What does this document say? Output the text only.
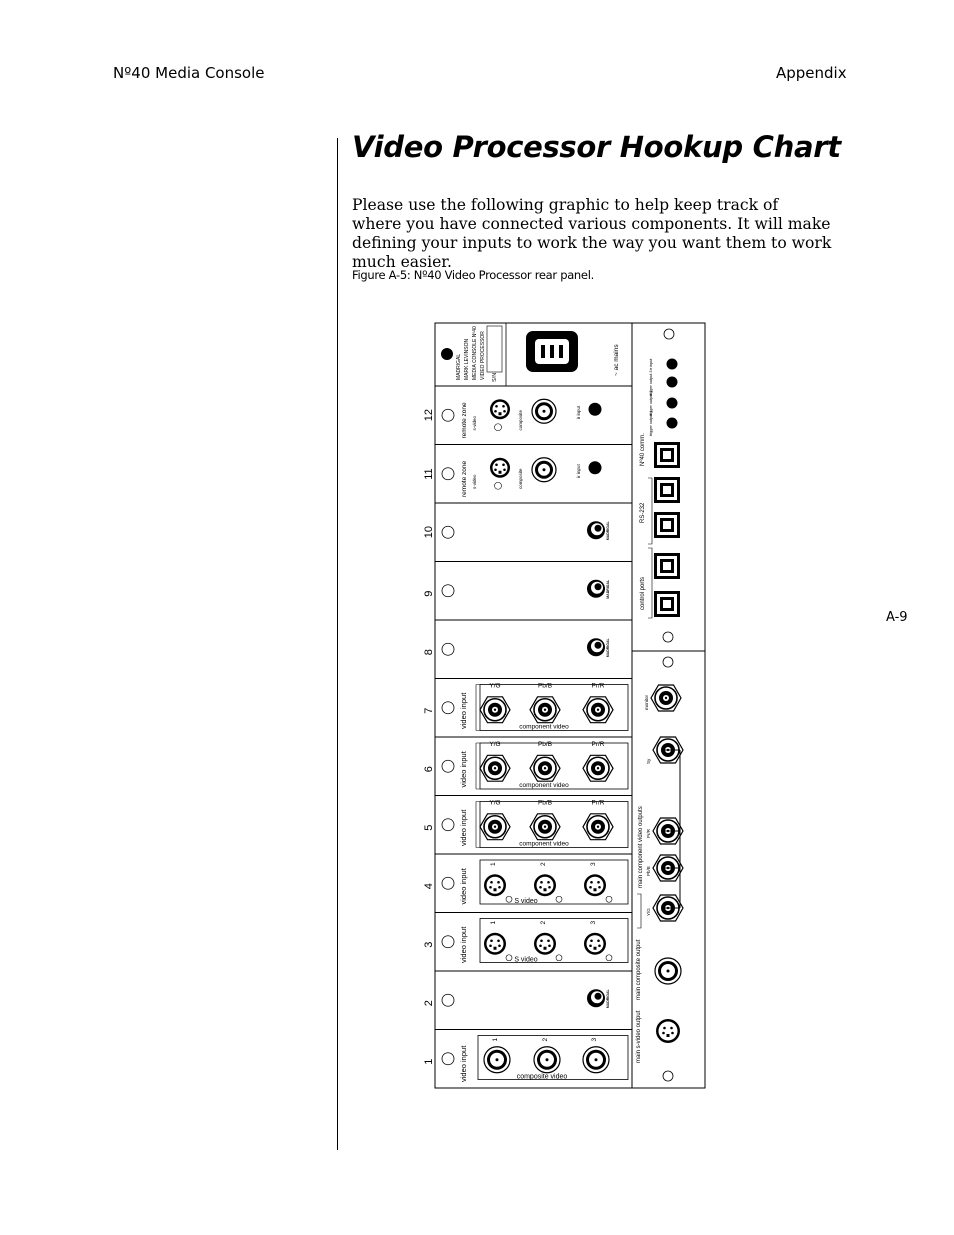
Nº40 Media Console	Appendix
Video Processor Hookup Chart

Please use the following graphic to help keep track of where you have connected various components. It will make defining your inputs to work the way you want them to work much easier.

Figure A-5: Nº40 Video Processor rear panel.
A-9
MADRIGAL MARK LEVINSON MEDIA CONSOLE Nº40 VIDEO PROCESSOR S/N
~ ac mains
12	remote zone s-video	composite	ir input
11	remote zone s-video	composite	ir input
10	MADRIGAL
9	MADRIGAL
8	MADRIGAL
7	video input
Y/G	Pb/B	Pr/R
component video
6	video input
Y/G	Pb/B	Pr/R
component video
5	video input
Y/G	Pb/B	Pr/R
component video
4	video input
1	2	3
S video
3	video input
1	2	3
S video
2	MADRIGAL
1	video input
1	2	3
composite video
ir input
trigger output 3
trigger output 2
trigger output 1
Nº40 comm.
RS-232
control ports
monitor
Sy
main component video outputs Pr/R
Pb/B
Y/G
main composite output
main s-video output
